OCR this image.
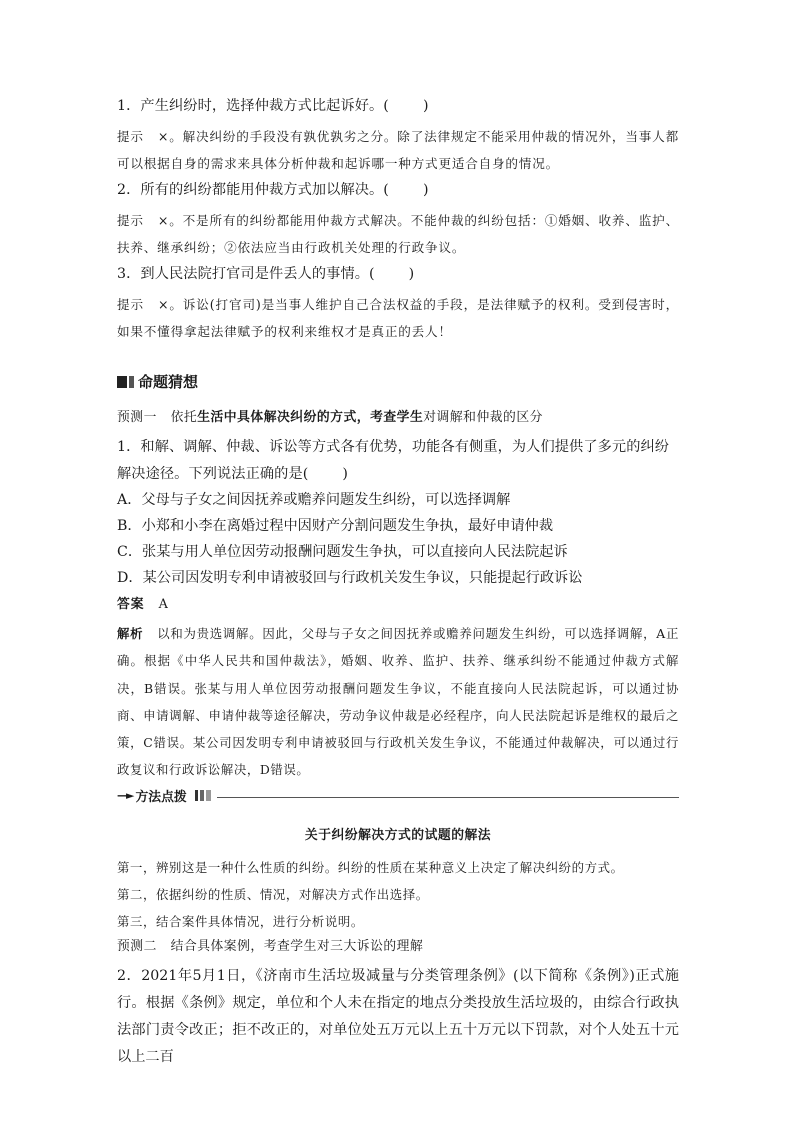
1．产生纠纷时，选择仲裁方式比起诉好。( )

提示 ×。解决纠纷的手段没有孰优孰劣之分。除了法律规定不能采用仲裁的情况外，当事人都可以根据自身的需求来具体分析仲裁和起诉哪一种方式更适合自身的情况。

2．所有的纠纷都能用仲裁方式加以解决。( )

提示 ×。不是所有的纠纷都能用仲裁方式解决。不能仲裁的纠纷包括：①婚姻、收养、监护、扶养、继承纠纷；②依法应当由行政机关处理的行政争议。

3．到人民法院打官司是件丢人的事情。( )

提示 ×。诉讼(打官司)是当事人维护自己合法权益的手段，是法律赋予的权利。受到侵害时，如果不懂得拿起法律赋予的权利来维权才是真正的丢人！

命题猜想

预测一 依托生活中具体解决纠纷的方式，考查学生对调解和仲裁的区分

1．和解、调解、仲裁、诉讼等方式各有优势，功能各有侧重，为人们提供了多元的纠纷解决途径。下列说法正确的是( )

A．父母与子女之间因抚养或赡养问题发生纠纷，可以选择调解

B．小郑和小李在离婚过程中因财产分割问题发生争执，最好申请仲裁

C．张某与用人单位因劳动报酬问题发生争执，可以直接向人民法院起诉

D．某公司因发明专利申请被驳回与行政机关发生争议，只能提起行政诉讼

答案 A

解析 以和为贵选调解。因此，父母与子女之间因抚养或赡养问题发生纠纷，可以选择调解，A正确。根据《中华人民共和国仲裁法》，婚姻、收养、监护、扶养、继承纠纷不能通过仲裁方式解决，B错误。张某与用人单位因劳动报酬问题发生争议，不能直接向人民法院起诉，可以通过协商、申请调解、申请仲裁等途径解决，劳动争议仲裁是必经程序，向人民法院起诉是维权的最后之策，C错误。某公司因发明专利申请被驳回与行政机关发生争议，不能通过仲裁解决，可以通过行政复议和行政诉讼解决，D错误。

—► 方法点拨

关于纠纷解决方式的试题的解法

第一，辨别这是一种什么性质的纠纷。纠纷的性质在某种意义上决定了解决纠纷的方式。

第二，依据纠纷的性质、情况，对解决方式作出选择。

第三，结合案件具体情况，进行分析说明。

预测二 结合具体案例，考查学生对三大诉讼的理解

2．2021年5月1日，《济南市生活垃圾减量与分类管理条例》(以下简称《条例》)正式施行。根据《条例》规定，单位和个人未在指定的地点分类投放生活垃圾的，由综合行政执法部门责令改正；拒不改正的，对单位处五万元以上五十万元以下罚款，对个人处五十元以上二百
